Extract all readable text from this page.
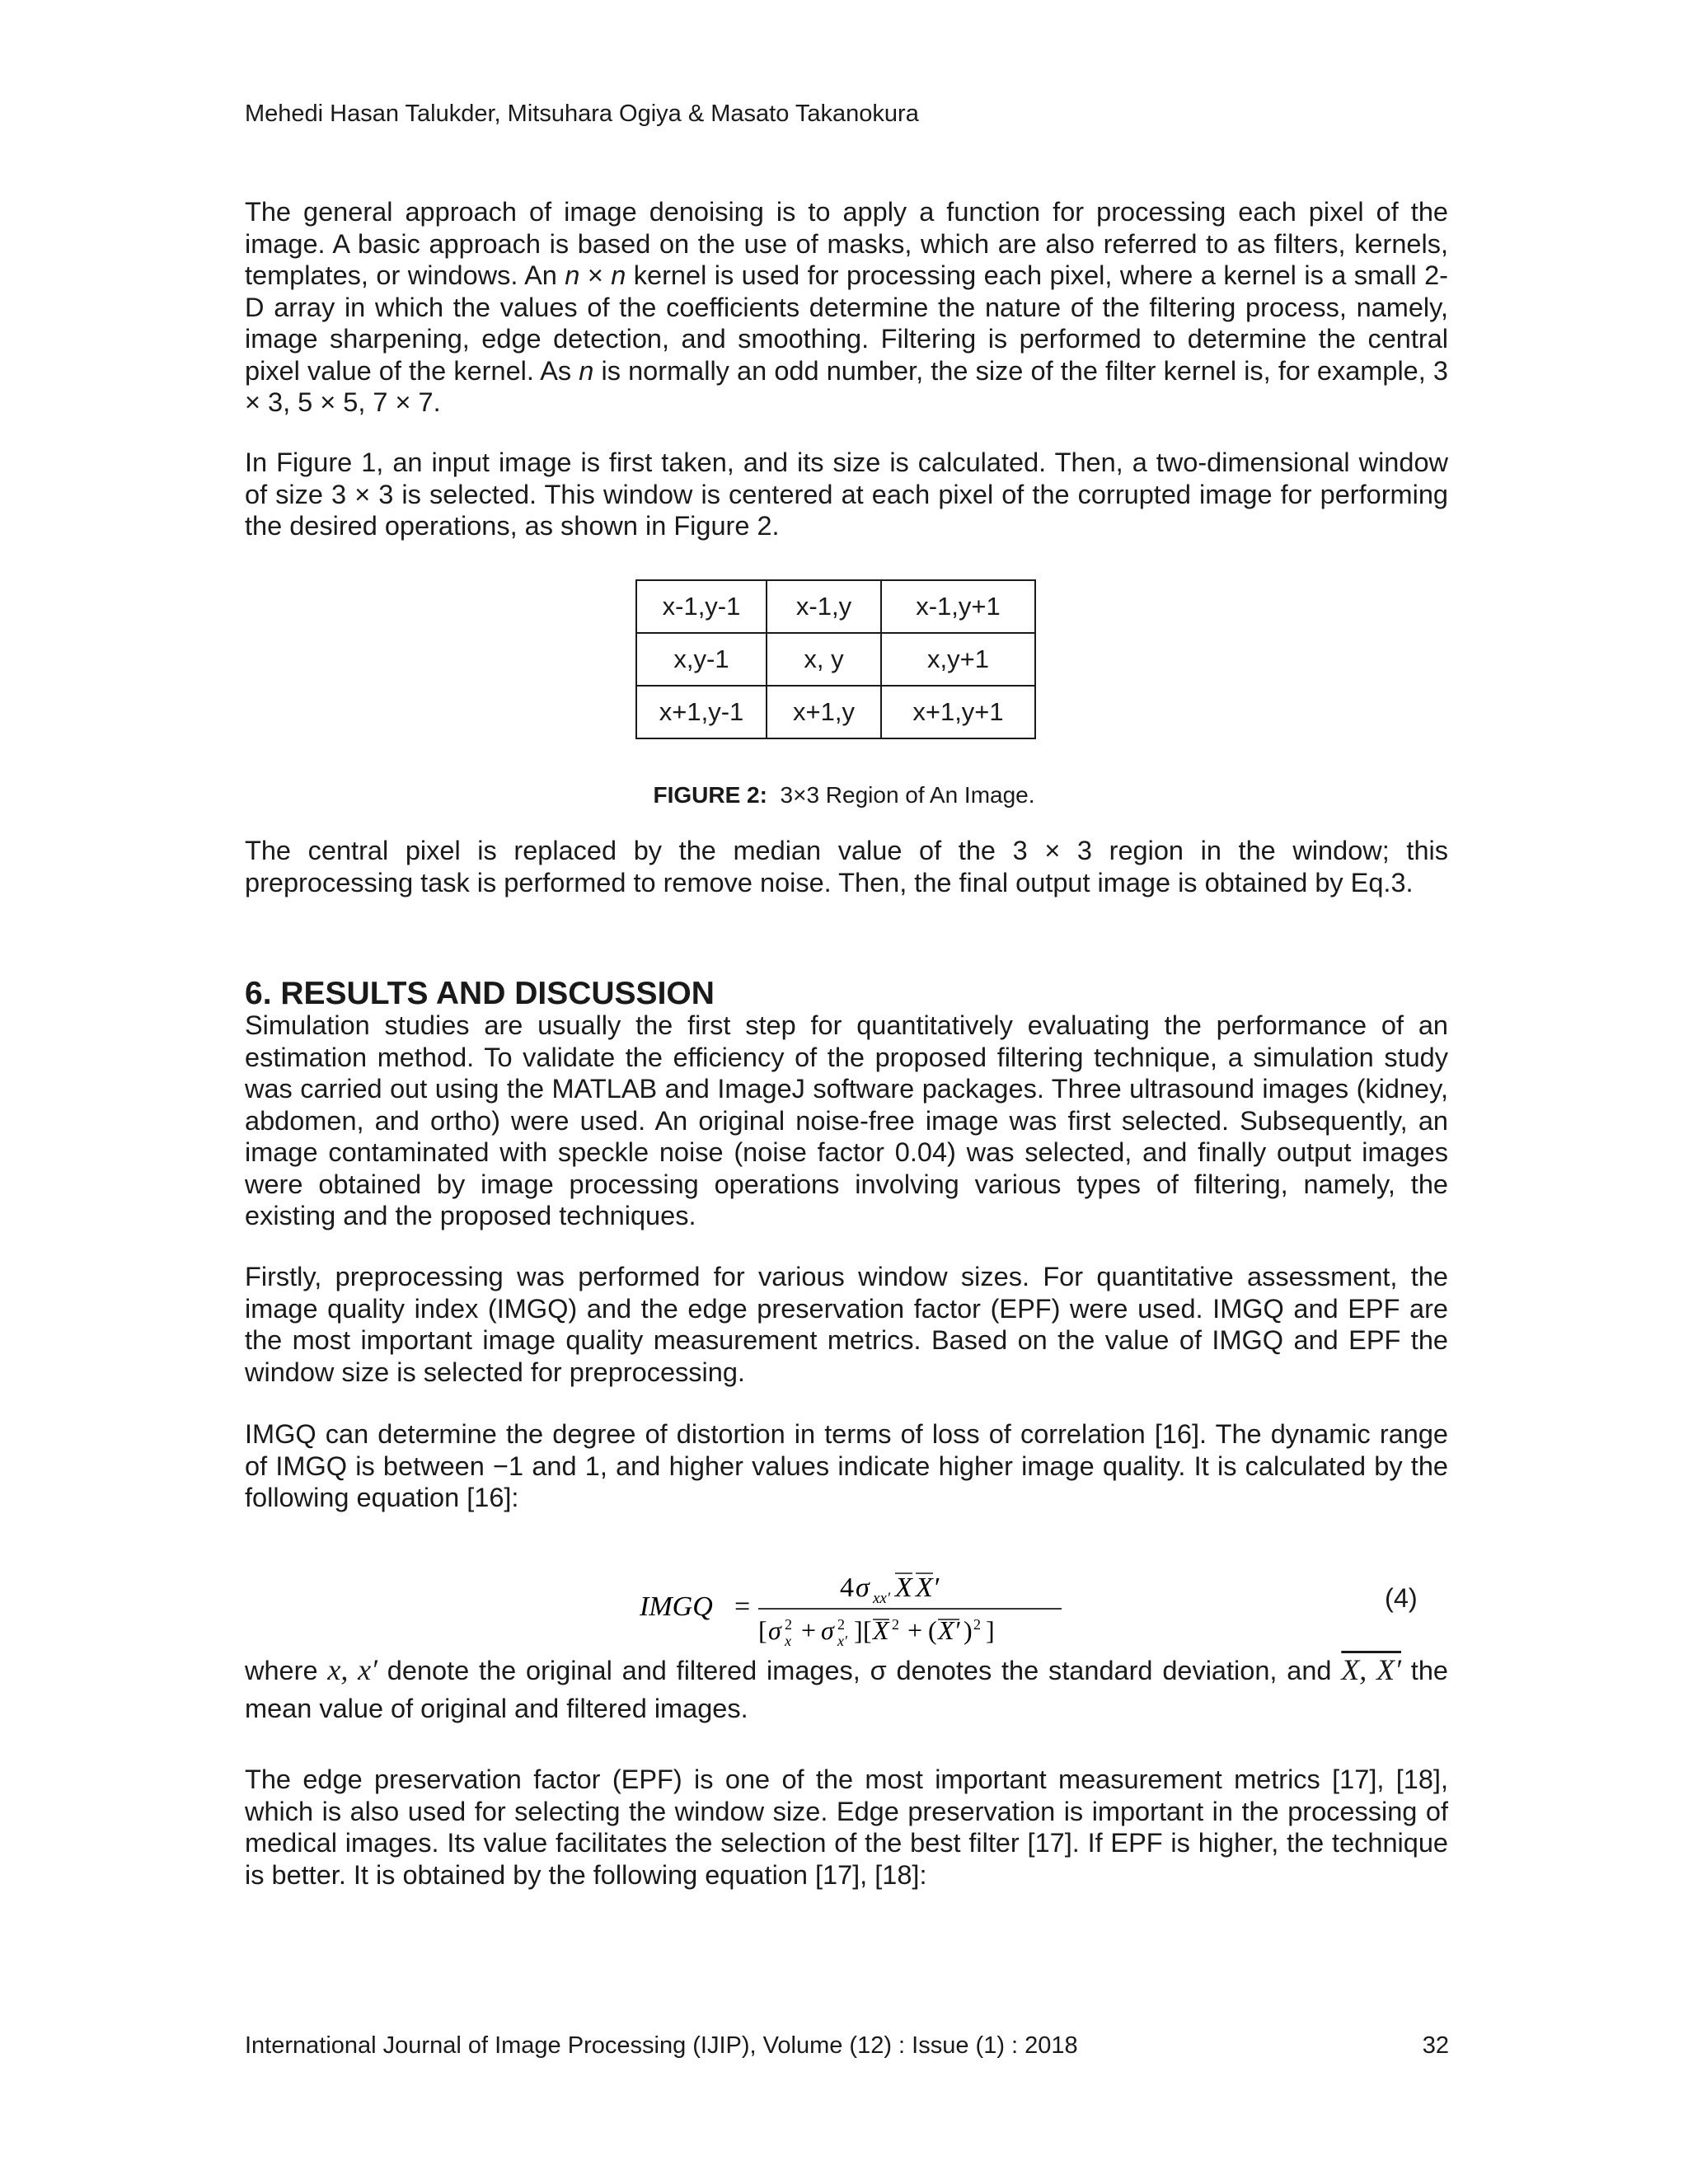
Mehedi Hasan Talukder, Mitsuhara Ogiya & Masato Takanokura
The general approach of image denoising is to apply a function for processing each pixel of the image. A basic approach is based on the use of masks, which are also referred to as filters, kernels, templates, or windows. An n × n kernel is used for processing each pixel, where a kernel is a small 2-D array in which the values of the coefficients determine the nature of the filtering process, namely, image sharpening, edge detection, and smoothing. Filtering is performed to determine the central pixel value of the kernel. As n is normally an odd number, the size of the filter kernel is, for example, 3 × 3, 5 × 5, 7 × 7.
In Figure 1, an input image is first taken, and its size is calculated. Then, a two-dimensional window of size 3 × 3 is selected. This window is centered at each pixel of the corrupted image for performing the desired operations, as shown in Figure 2.
x-1,y-1	x-1,y	x-1,y+1
x,y-1	x, y	x,y+1
x+1,y-1	x+1,y	x+1,y+1
FIGURE 2: 3×3 Region of An Image.
The central pixel is replaced by the median value of the 3 × 3 region in the window; this preprocessing task is performed to remove noise. Then, the final output image is obtained by Eq.3.
6. RESULTS AND DISCUSSION
Simulation studies are usually the first step for quantitatively evaluating the performance of an estimation method. To validate the efficiency of the proposed filtering technique, a simulation study was carried out using the MATLAB and ImageJ software packages. Three ultrasound images (kidney, abdomen, and ortho) were used. An original noise-free image was first selected. Subsequently, an image contaminated with speckle noise (noise factor 0.04) was selected, and finally output images were obtained by image processing operations involving various types of filtering, namely, the existing and the proposed techniques.
Firstly, preprocessing was performed for various window sizes. For quantitative assessment, the image quality index (IMGQ) and the edge preservation factor (EPF) were used. IMGQ and EPF are the most important image quality measurement metrics. Based on the value of IMGQ and EPF the window size is selected for preprocessing.
IMGQ can determine the degree of distortion in terms of loss of correlation [16]. The dynamic range of IMGQ is between −1 and 1, and higher values indicate higher image quality. It is calculated by the following equation [16]:
IMGQ =
4 σ xx′ X X′
[ σ 2
x + σ 2
x′ ] [ X 2 + ( X′ ) 2 ]
(4)
where x, x′ denote the original and filtered images, σ denotes the standard deviation, and X, X′ the mean value of original and filtered images.
The edge preservation factor (EPF) is one of the most important measurement metrics [17], [18], which is also used for selecting the window size. Edge preservation is important in the processing of medical images. Its value facilitates the selection of the best filter [17]. If EPF is higher, the technique is better. It is obtained by the following equation [17], [18]:
International Journal of Image Processing (IJIP), Volume (12) : Issue (1) : 2018	32
